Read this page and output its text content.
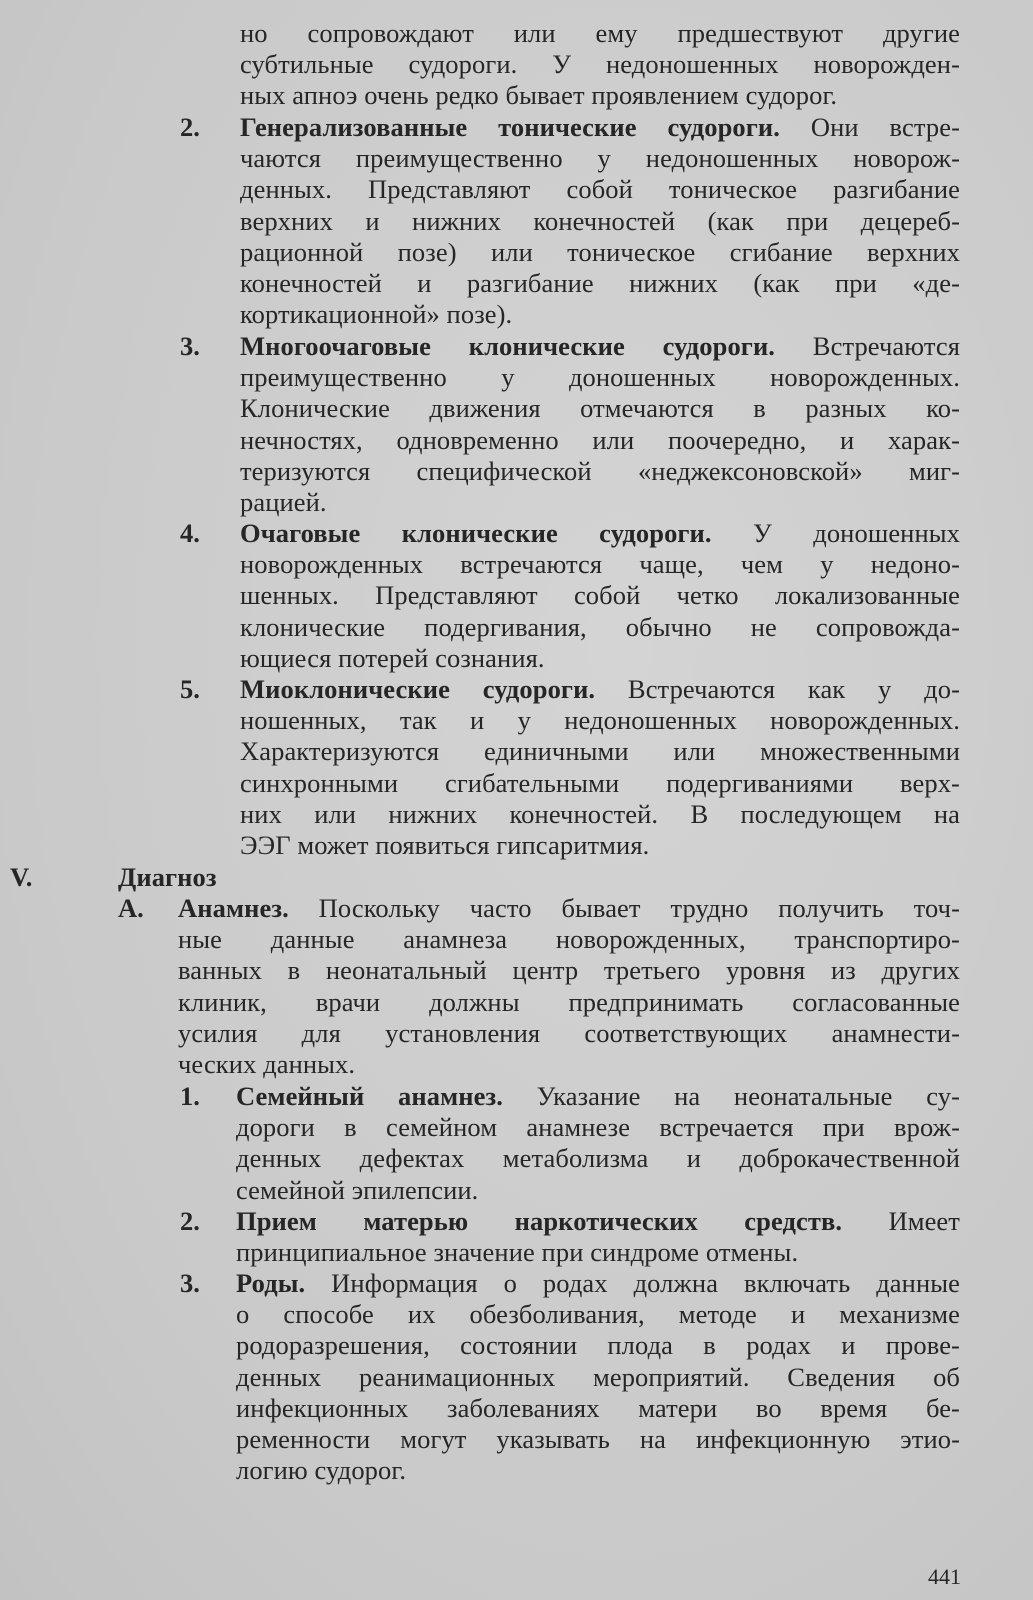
441
но сопровождают или ему предшествуют другие
субтильные судороги. У недоношенных новорожден-
ных апноэ очень редко бывает проявлением судорог.
Генерализованные тонические судороги. Они встре-
чаются преимущественно у недоношенных новорож-
денных. Представляют собой тоническое разгибание
верхних и нижних конечностей (как при децереб-
рационной позе) или тоническое сгибание верхних
конечностей и разгибание нижних (как при «де-
кортикационной» позе).
2.
Многоочаговые клонические судороги. Встречаются
преимущественно у доношенных новорожденных.
Клонические движения отмечаются в разных ко-
нечностях, одновременно или поочередно, и харак-
теризуются специфической «неджексоновской» миг-
рацией.
3.
Очаговые клонические судороги. У доношенных
новорожденных встречаются чаще, чем у недоно-
шенных. Представляют собой четко локализованные
клонические подергивания, обычно не сопровожда-
ющиеся потерей сознания.
4.
Миоклонические судороги. Встречаются как у до-
ношенных, так и у недоношенных новорожденных.
Характеризуются единичными или множественными
синхронными сгибательными подергиваниями верх-
них или нижних конечностей. В последующем на
ЭЭГ может появиться гипсаритмия.
5.
Диагноз
V.
Анамнез. Поскольку часто бывает трудно получить точ-
ные данные анамнеза новорожденных, транспортиро-
ванных в неонатальный центр третьего уровня из других
клиник, врачи должны предпринимать согласованные
усилия для установления соответствующих анамнести-
ческих данных.
А.
Семейный анамнез. Указание на неонатальные су-
дороги в семейном анамнезе встречается при врож-
денных дефектах метаболизма и доброкачественной
семейной эпилепсии.
1.
Прием матерью наркотических средств. Имеет
принципиальное значение при синдроме отмены.
2.
Роды. Информация о родах должна включать данные
о способе их обезболивания, методе и механизме
родоразрешения, состоянии плода в родах и прове-
денных реанимационных мероприятий. Сведения об
инфекционных заболеваниях матери во время бе-
ременности могут указывать на инфекционную этио-
логию судорог.
3.
